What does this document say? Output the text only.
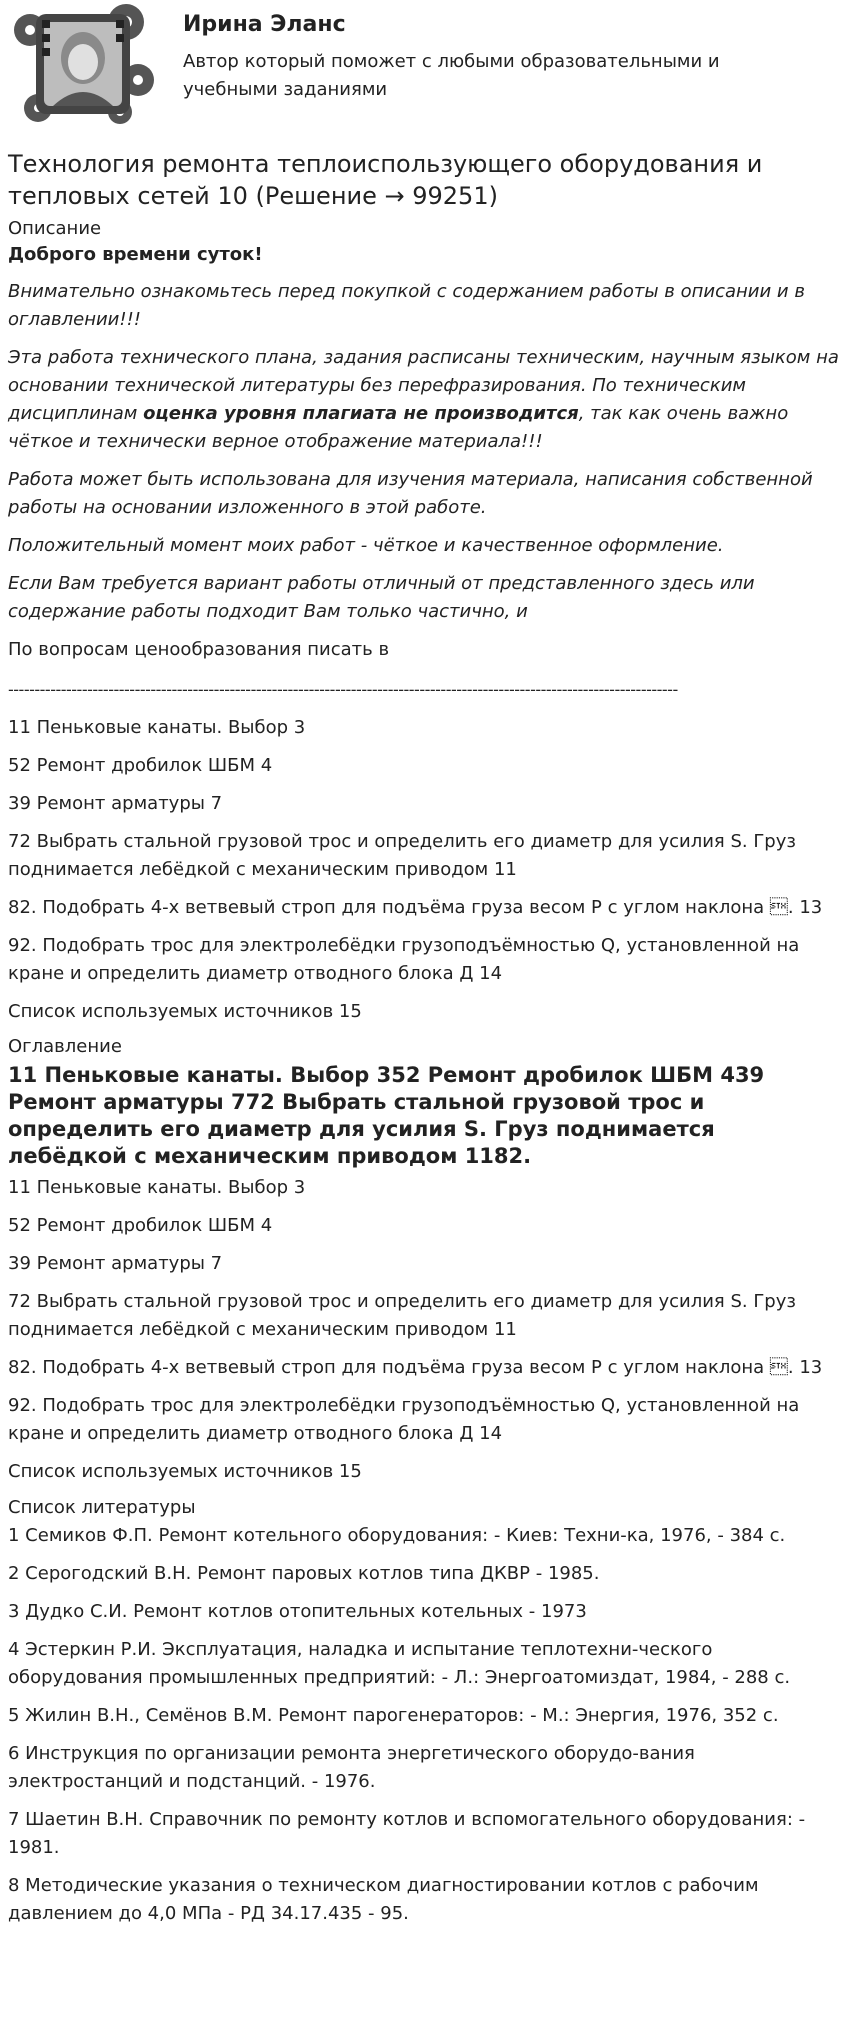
Ирина Эланс
Автор который поможет с любыми образовательными и учебными заданиями
Технология ремонта теплоиспользующего оборудования и тепловых сетей 10 (Решение → 99251)
Описание
Доброго времени суток!
Внимательно ознакомьтесь перед покупкой с содержанием работы в описании и в оглавлении!!!
Эта работа технического плана, задания расписаны техническим, научным языком на основании технической литературы без перефразирования. По техническим дисциплинам оценка уровня плагиата не производится, так как очень важно чёткое и технически верное отображение материала!!!
Работа может быть использована для изучения материала, написания собственной работы на основании изложенного в этой работе.
Положительный момент моих работ - чёткое и качественное оформление.
Если Вам требуется вариант работы отличный от представленного здесь или содержание работы подходит Вам только частично, и
По вопросам ценообразования писать в
-------------------------------------------------------------------------------------------------------------------------------
11 Пеньковые канаты. Выбор 3
52 Ремонт дробилок ШБМ 4
39 Ремонт арматуры 7
72 Выбрать стальной грузовой трос и определить его диаметр для усилия S. Груз поднимается лебёдкой с механическим приводом 11
82. Подобрать 4-х ветвевый строп для подъёма груза весом P с углом наклона . 13
92. Подобрать трос для электролебёдки грузоподъёмностью Q, установленной на кране и определить диаметр отводного блока Д 14
Список используемых источников 15
Оглавление
11 Пеньковые канаты. Выбор 352 Ремонт дробилок ШБМ 439 Ремонт арматуры 772 Выбрать стальной грузовой трос и определить его диаметр для усилия S. Груз поднимается лебёдкой с механическим приводом 1182.
11 Пеньковые канаты. Выбор 3
52 Ремонт дробилок ШБМ 4
39 Ремонт арматуры 7
72 Выбрать стальной грузовой трос и определить его диаметр для усилия S. Груз поднимается лебёдкой с механическим приводом 11
82. Подобрать 4-х ветвевый строп для подъёма груза весом P с углом наклона . 13
92. Подобрать трос для электролебёдки грузоподъёмностью Q, установленной на кране и определить диаметр отводного блока Д 14
Список используемых источников 15
Список литературы
1 Семиков Ф.П. Ремонт котельного оборудования: - Киев: Техни-ка, 1976, - 384 с.
2 Серогодский В.Н. Ремонт паровых котлов типа ДКВР - 1985.
3 Дудко С.И. Ремонт котлов отопительных котельных - 1973
4 Эстеркин Р.И. Эксплуатация, наладка и испытание теплотехни-ческого оборудования промышленных предприятий: - Л.: Энергоатомиздат, 1984, - 288 с.
5 Жилин В.Н., Семёнов В.М. Ремонт парогенераторов: - М.: Энергия, 1976, 352 с.
6 Инструкция по организации ремонта энергетического оборудо-вания электростанций и подстанций. - 1976.
7 Шаетин В.Н. Справочник по ремонту котлов и вспомогательного оборудования: - 1981.
8 Методические указания о техническом диагностировании котлов с рабочим давлением до 4,0 МПа - РД 34.17.435 - 95.
